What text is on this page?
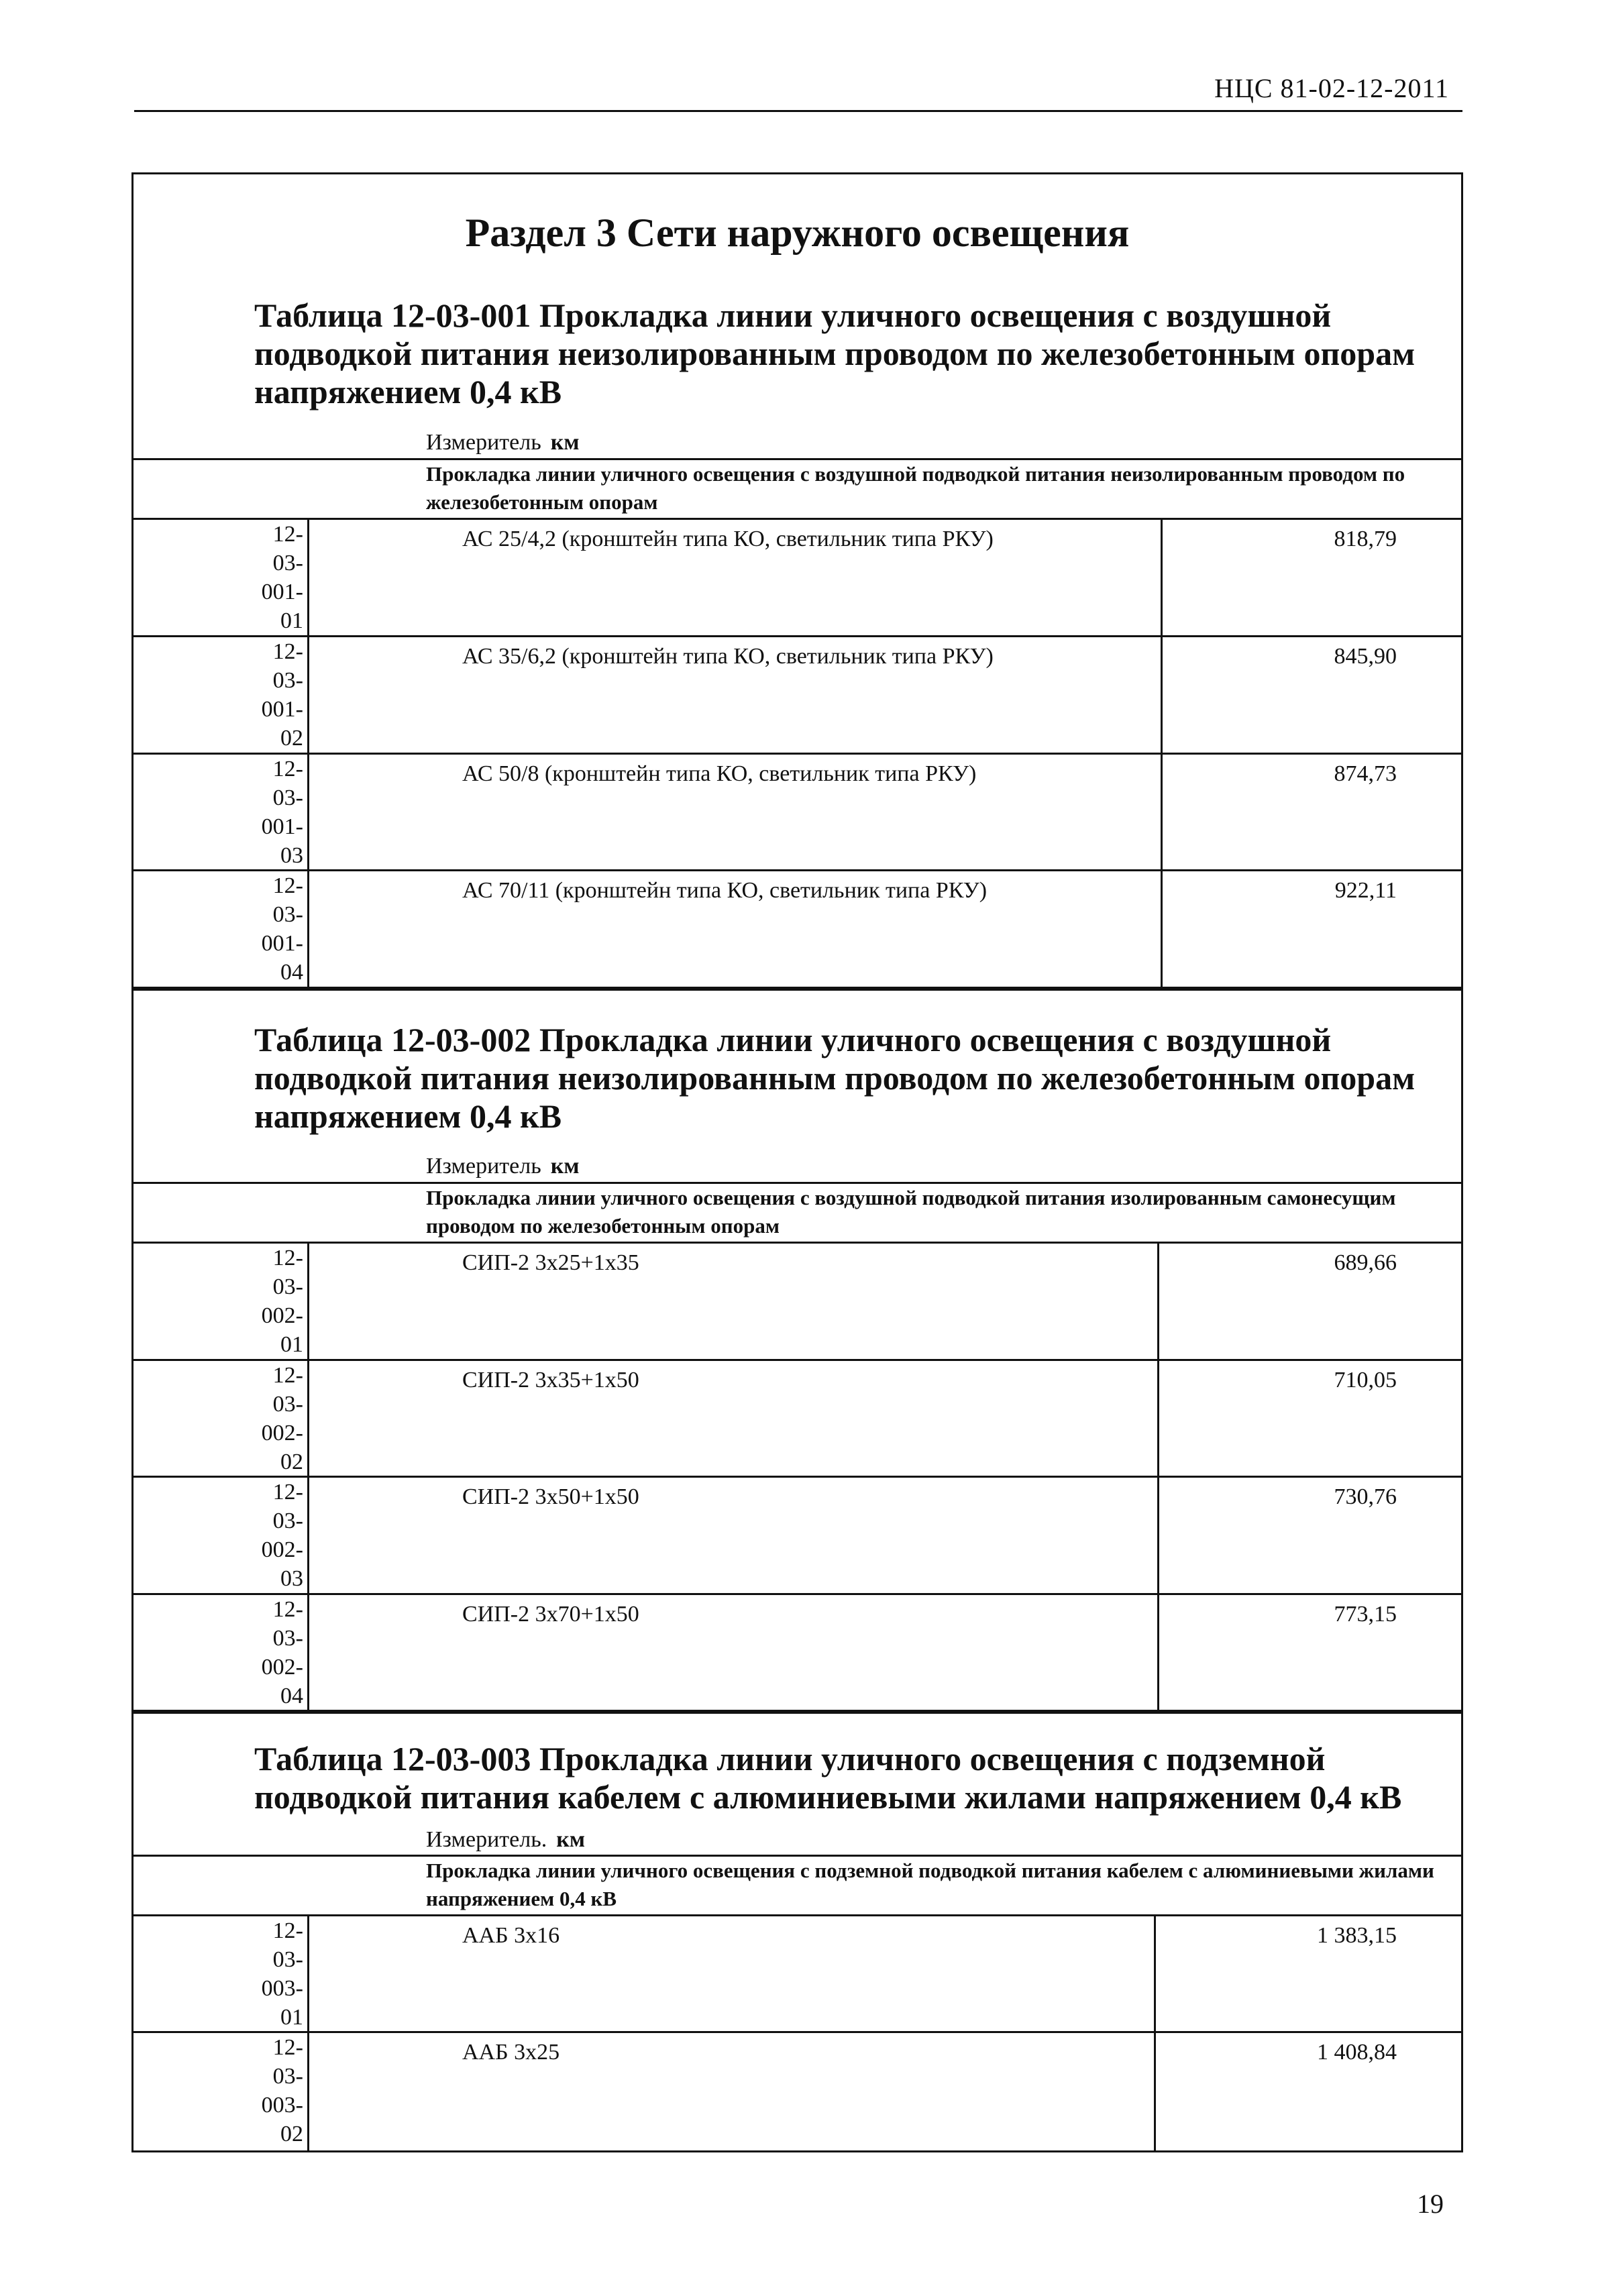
НЦС 81-02-12-2011
Раздел 3 Сети наружного освещения
Таблица 12-03-001 Прокладка линии уличного освещения с воздушной подводкой питания неизолированным проводом по железобетонным опорам напряжением 0,4 кВ
Измеритель км
Прокладка линии уличного освещения с воздушной подводкой питания неизолированным проводом по железобетонным опорам
12-
03-
001-
01
АС 25/4,2 (кронштейн типа КО, светильник типа РКУ)	818,79
12-
03-
001-
02
АС 35/6,2 (кронштейн типа КО, светильник типа РКУ)	845,90
12-
03-
001-
03
АС 50/8 (кронштейн типа КО, светильник типа РКУ)	874,73
12-
03-
001-
04
АС 70/11 (кронштейн типа КО, светильник типа РКУ)	922,11
Таблица 12-03-002 Прокладка линии уличного освещения с воздушной подводкой питания неизолированным проводом по железобетонным опорам напряжением 0,4 кВ
Измеритель км
Прокладка линии уличного освещения с воздушной подводкой питания изолированным самонесущим проводом по железобетонным опорам
12-
03-
002-
01
СИП-2 3х25+1х35	689,66
12-
03-
002-
02
СИП-2 3х35+1х50	710,05
12-
03-
002-
03
СИП-2 3х50+1х50	730,76
12-
03-
002-
04
СИП-2 3х70+1х50	773,15
Таблица 12-03-003 Прокладка линии уличного освещения с подземной подводкой питания кабелем с алюминиевыми жилами напряжением 0,4 кВ
Измеритель. км
Прокладка линии уличного освещения с подземной подводкой питания кабелем с алюминиевыми жилами напряжением 0,4 кВ
12-
03-
003-
01
ААБ 3х16	1 383,15
12-
03-
003-
02
ААБ 3х25	1 408,84
19
